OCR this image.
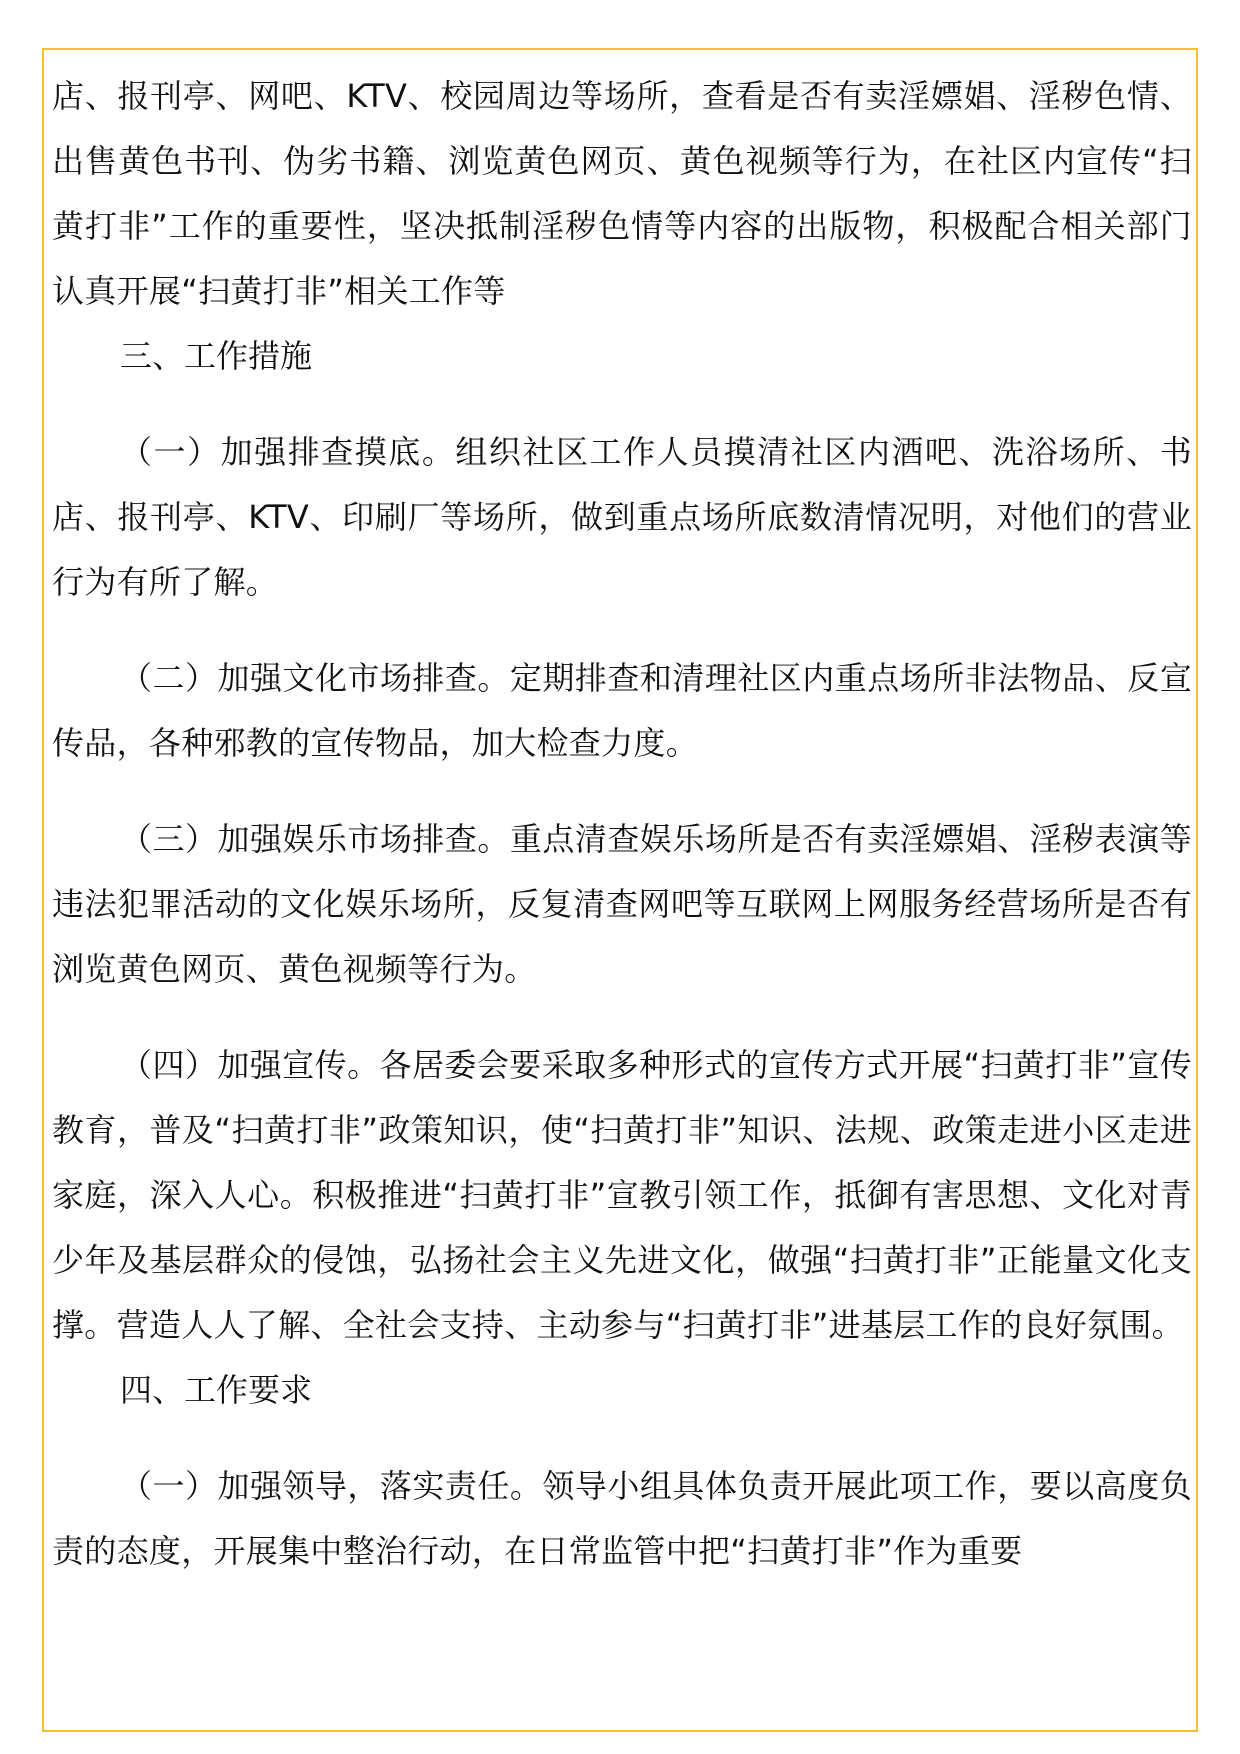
店、报刊亭、网吧、KTV、校园周边等场所，查看是否有卖淫嫖娼、淫秽色情、出售黄色书刊、伪劣书籍、浏览黄色网页、黄色视频等行为，在社区内宣传“扫黄打非”工作的重要性，坚决抵制淫秽色情等内容的出版物，积极配合相关部门认真开展“扫黄打非”相关工作等

三、工作措施

（一）加强排查摸底。组织社区工作人员摸清社区内酒吧、洗浴场所、书店、报刊亭、KTV、印刷厂等场所，做到重点场所底数清情况明，对他们的营业行为有所了解。

（二）加强文化市场排查。定期排查和清理社区内重点场所非法物品、反宣传品，各种邪教的宣传物品，加大检查力度。

（三）加强娱乐市场排查。重点清查娱乐场所是否有卖淫嫖娼、淫秽表演等违法犯罪活动的文化娱乐场所，反复清查网吧等互联网上网服务经营场所是否有浏览黄色网页、黄色视频等行为。

（四）加强宣传。各居委会要采取多种形式的宣传方式开展“扫黄打非”宣传教育，普及“扫黄打非”政策知识，使“扫黄打非”知识、法规、政策走进小区走进家庭，深入人心。积极推进“扫黄打非”宣教引领工作，抵御有害思想、文化对青少年及基层群众的侵蚀，弘扬社会主义先进文化，做强“扫黄打非”正能量文化支撑。营造人人了解、全社会支持、主动参与“扫黄打非”进基层工作的良好氛围。

四、工作要求

（一）加强领导，落实责任。领导小组具体负责开展此项工作，要以高度负责的态度，开展集中整治行动，在日常监管中把“扫黄打非”作为重要
